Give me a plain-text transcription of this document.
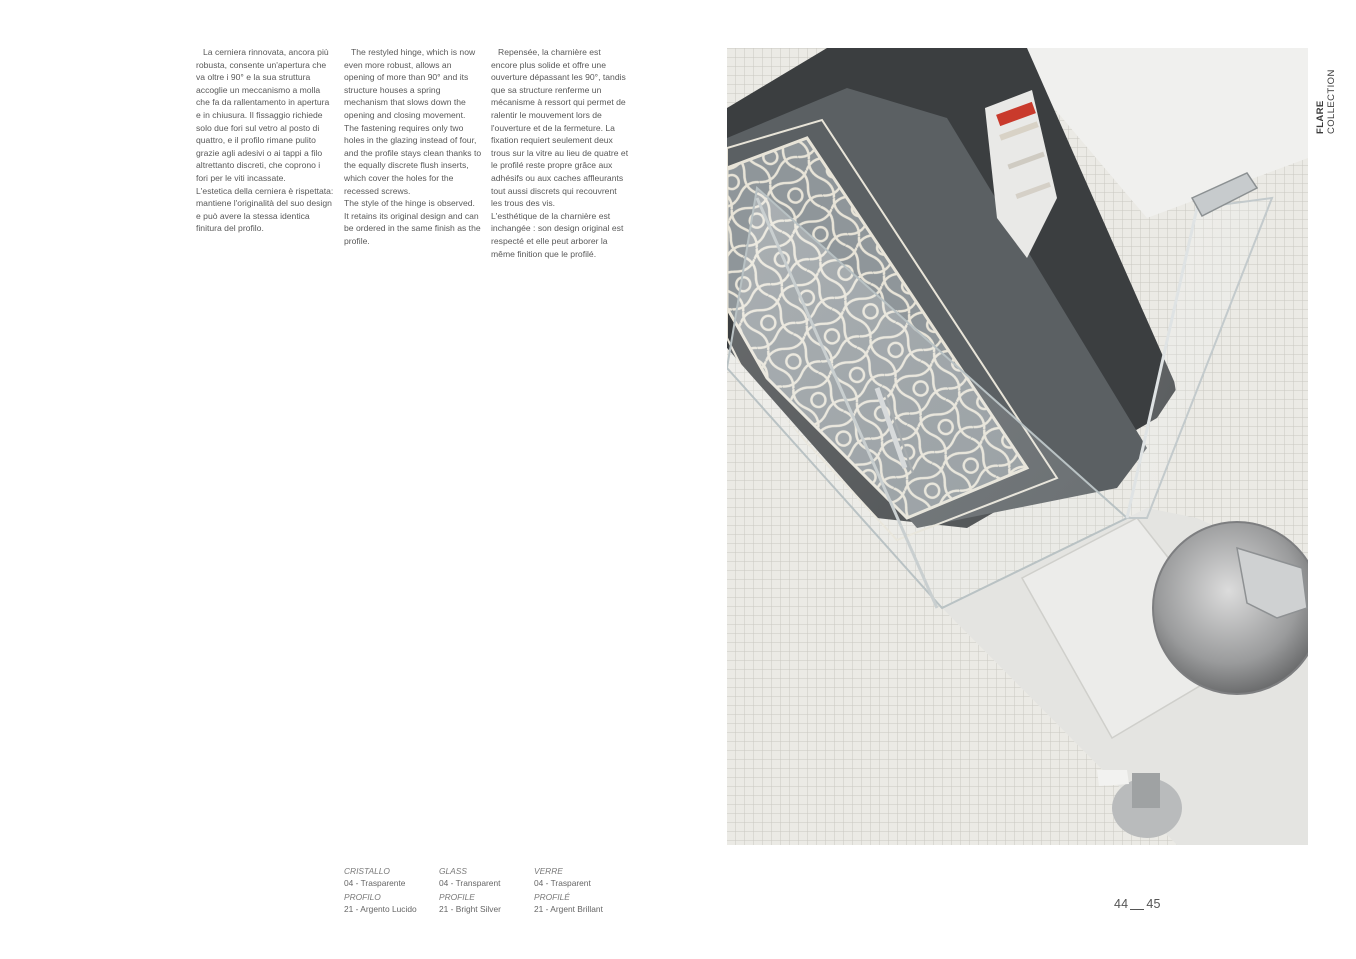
La cerniera rinnovata, ancora più robusta, consente un'apertura che va oltre i 90° e la sua struttura accoglie un meccanismo a molla che fa da rallentamento in apertura e in chiusura. Il fissaggio richiede solo due fori sul vetro al posto di quattro, e il profilo rimane pulito grazie agli adesivi o ai tappi a filo altrettanto discreti, che coprono i fori per le viti incassate.

L'estetica della cerniera è rispettata: mantiene l'originalità del suo design e può avere la stessa identica finitura del profilo.

The restyled hinge, which is now even more robust, allows an opening of more than 90° and its structure houses a spring mechanism that slows down the opening and closing movement. The fastening requires only two holes in the glazing instead of four, and the profile stays clean thanks to the equally discrete flush inserts, which cover the holes for the recessed screws.

The style of the hinge is observed. It retains its original design and can be ordered in the same finish as the profile.

Repensée, la charnière est encore plus solide et offre une ouverture dépassant les 90°, tandis que sa structure renferme un mécanisme à ressort qui permet de ralentir le mouvement lors de l'ouverture et de la fermeture. La fixation requiert seulement deux trous sur la vitre au lieu de quatre et le profilé reste propre grâce aux adhésifs ou aux caches affleurants tout aussi discrets qui recouvrent les trous des vis.

L'esthétique de la charnière est inchangée : son design original est respecté et elle peut arborer la même finition que le profilé.

FLARE COLLECTION
CRISTALLO
04 - Trasparente
PROFILO
21 - Argento Lucido
GLASS
04 - Transparent
PROFILE
21 - Bright Silver
VERRE
04 - Trasparent
PROFILÉ
21 - Argent Brillant	44 45
